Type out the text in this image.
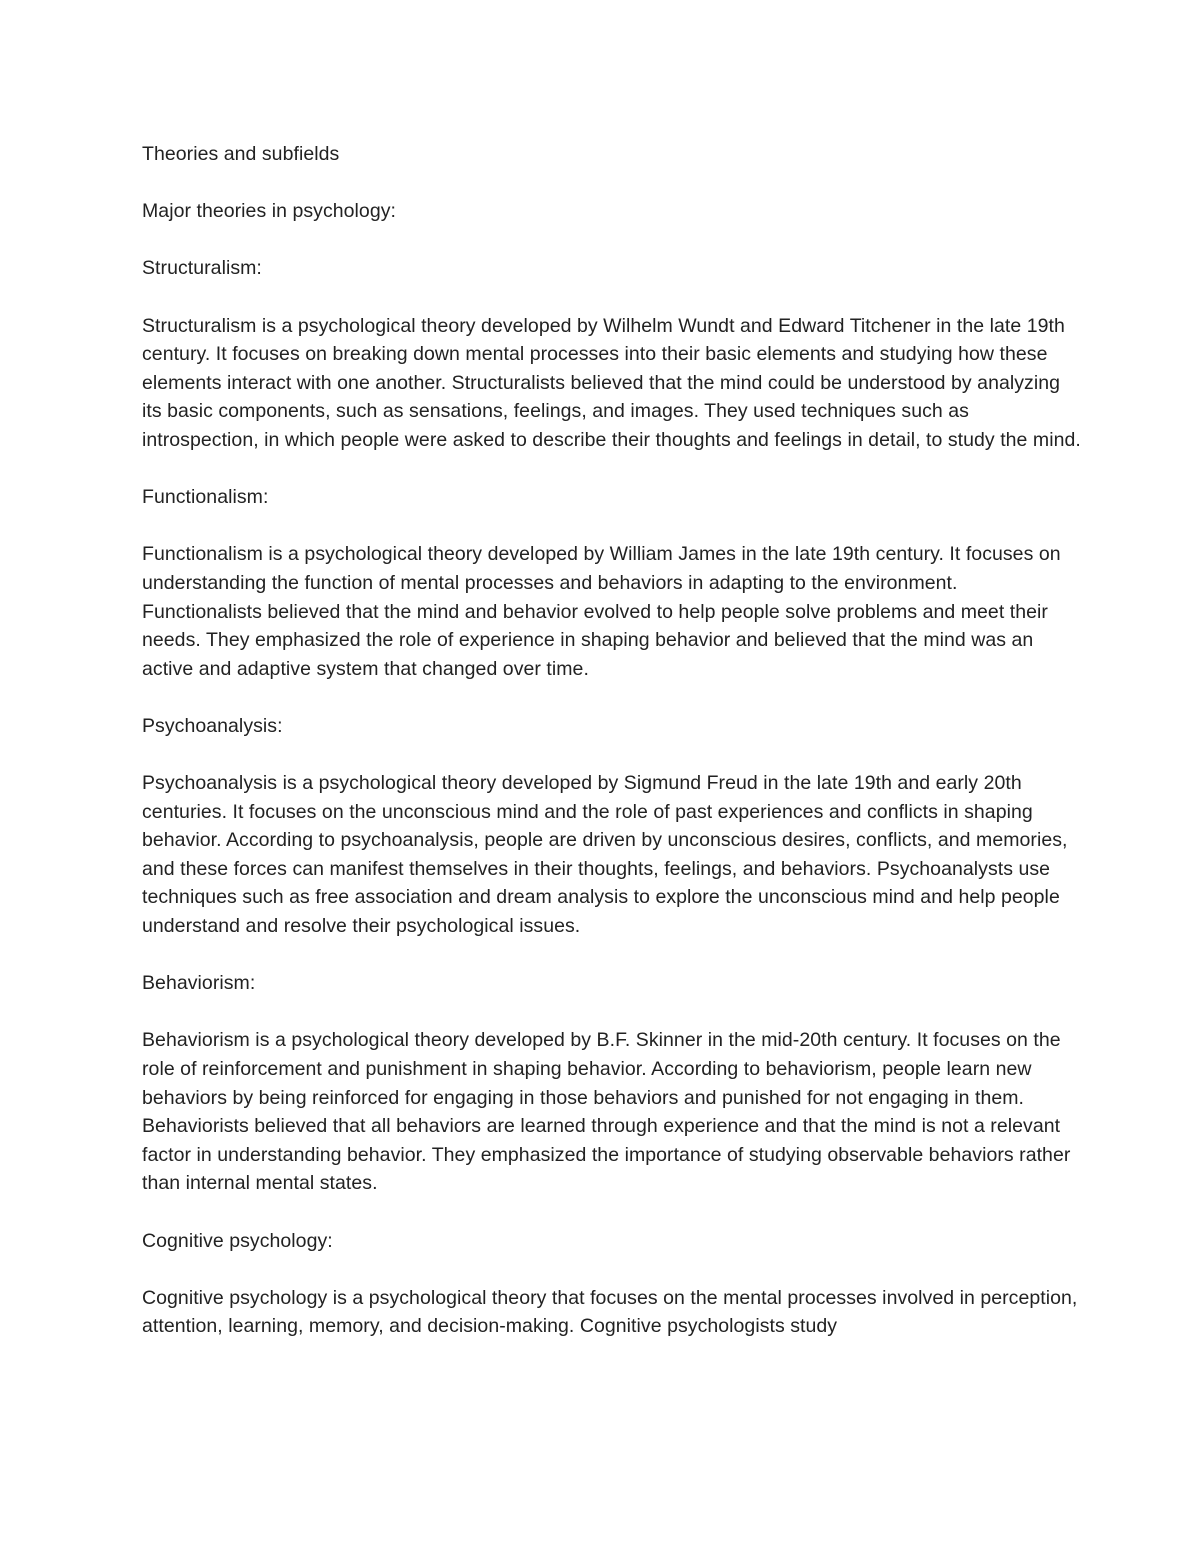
Theories and subfields

Major theories in psychology:

Structuralism:

Structuralism is a psychological theory developed by Wilhelm Wundt and Edward Titchener in the late 19th century. It focuses on breaking down mental processes into their basic elements and studying how these elements interact with one another. Structuralists believed that the mind could be understood by analyzing its basic components, such as sensations, feelings, and images. They used techniques such as introspection, in which people were asked to describe their thoughts and feelings in detail, to study the mind.

Functionalism:

Functionalism is a psychological theory developed by William James in the late 19th century. It focuses on understanding the function of mental processes and behaviors in adapting to the environment. Functionalists believed that the mind and behavior evolved to help people solve problems and meet their needs. They emphasized the role of experience in shaping behavior and believed that the mind was an active and adaptive system that changed over time.

Psychoanalysis:

Psychoanalysis is a psychological theory developed by Sigmund Freud in the late 19th and early 20th centuries. It focuses on the unconscious mind and the role of past experiences and conflicts in shaping behavior. According to psychoanalysis, people are driven by unconscious desires, conflicts, and memories, and these forces can manifest themselves in their thoughts, feelings, and behaviors. Psychoanalysts use techniques such as free association and dream analysis to explore the unconscious mind and help people understand and resolve their psychological issues.

Behaviorism:

Behaviorism is a psychological theory developed by B.F. Skinner in the mid-20th century. It focuses on the role of reinforcement and punishment in shaping behavior. According to behaviorism, people learn new behaviors by being reinforced for engaging in those behaviors and punished for not engaging in them. Behaviorists believed that all behaviors are learned through experience and that the mind is not a relevant factor in understanding behavior. They emphasized the importance of studying observable behaviors rather than internal mental states.

Cognitive psychology:

Cognitive psychology is a psychological theory that focuses on the mental processes involved in perception, attention, learning, memory, and decision-making. Cognitive psychologists study
